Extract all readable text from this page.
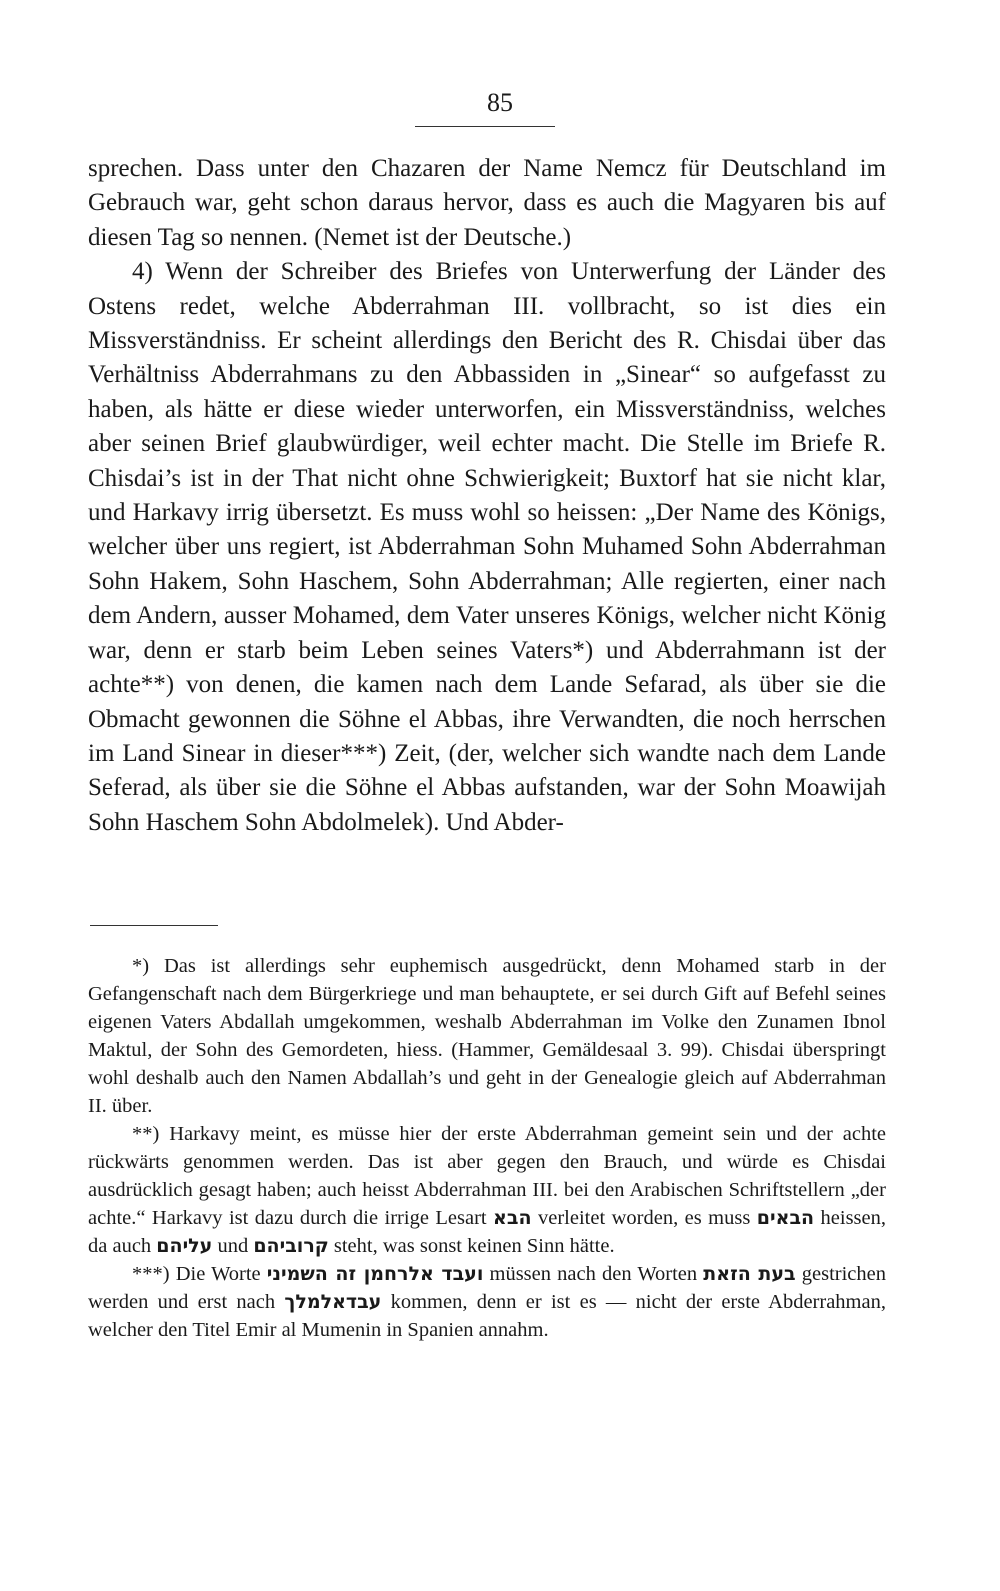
85

sprechen. Dass unter den Chazaren der Name Nemcz für Deutschland im Gebrauch war, geht schon daraus hervor, dass es auch die Magyaren bis auf diesen Tag so nennen. (Nemet ist der Deutsche.)

4) Wenn der Schreiber des Briefes von Unterwerfung der Länder des Ostens redet, welche Abderrahman III. vollbracht, so ist dies ein Missverständniss. Er scheint allerdings den Bericht des R. Chisdai über das Verhältniss Abderrahmans zu den Abbassiden in „Sinear“ so aufgefasst zu haben, als hätte er diese wieder unterworfen, ein Missverständniss, welches aber seinen Brief glaubwürdiger, weil echter macht. Die Stelle im Briefe R. Chisdai’s ist in der That nicht ohne Schwierigkeit; Buxtorf hat sie nicht klar, und Harkavy irrig übersetzt. Es muss wohl so heissen: „Der Name des Königs, welcher über uns regiert, ist Abderrahman Sohn Muhamed Sohn Abderrahman Sohn Hakem, Sohn Haschem, Sohn Abderrahman; Alle regierten, einer nach dem Andern, ausser Mohamed, dem Vater unseres Königs, welcher nicht König war, denn er starb beim Leben seines Vaters*) und Abderrahmann ist der achte**) von denen, die kamen nach dem Lande Sefarad, als über sie die Obmacht gewonnen die Söhne el Abbas, ihre Verwandten, die noch herrschen im Land Sinear in dieser***) Zeit, (der, welcher sich wandte nach dem Lande Seferad, als über sie die Söhne el Abbas aufstanden, war der Sohn Moawijah Sohn Haschem Sohn Abdolmelek). Und Abder-

*) Das ist allerdings sehr euphemisch ausgedrückt, denn Mohamed starb in der Gefangenschaft nach dem Bürgerkriege und man behauptete, er sei durch Gift auf Befehl seines eigenen Vaters Abdallah umgekommen, weshalb Abderrahman im Volke den Zunamen Ibnol Maktul, der Sohn des Gemordeten, hiess. (Hammer, Gemäldesaal 3. 99). Chisdai überspringt wohl deshalb auch den Namen Abdallah’s und geht in der Genealogie gleich auf Abderrahman II. über.

**) Harkavy meint, es müsse hier der erste Abderrahman gemeint sein und der achte rückwärts genommen werden. Das ist aber gegen den Brauch, und würde es Chisdai ausdrücklich gesagt haben; auch heisst Abderrahman III. bei den Arabischen Schriftstellern „der achte.“ Harkavy ist dazu durch die irrige Lesart הבא verleitet worden, es muss הבאים heissen, da auch עליהם und קרוביהם steht, was sonst keinen Sinn hätte.

***) Die Worte ועבד אלרחמן זה השמיני müssen nach den Worten בעת הזאת gestrichen werden und erst nach עבדאלמלך kommen, denn er ist es — nicht der erste Abderrahman, welcher den Titel Emir al Mumenin in Spanien annahm.
